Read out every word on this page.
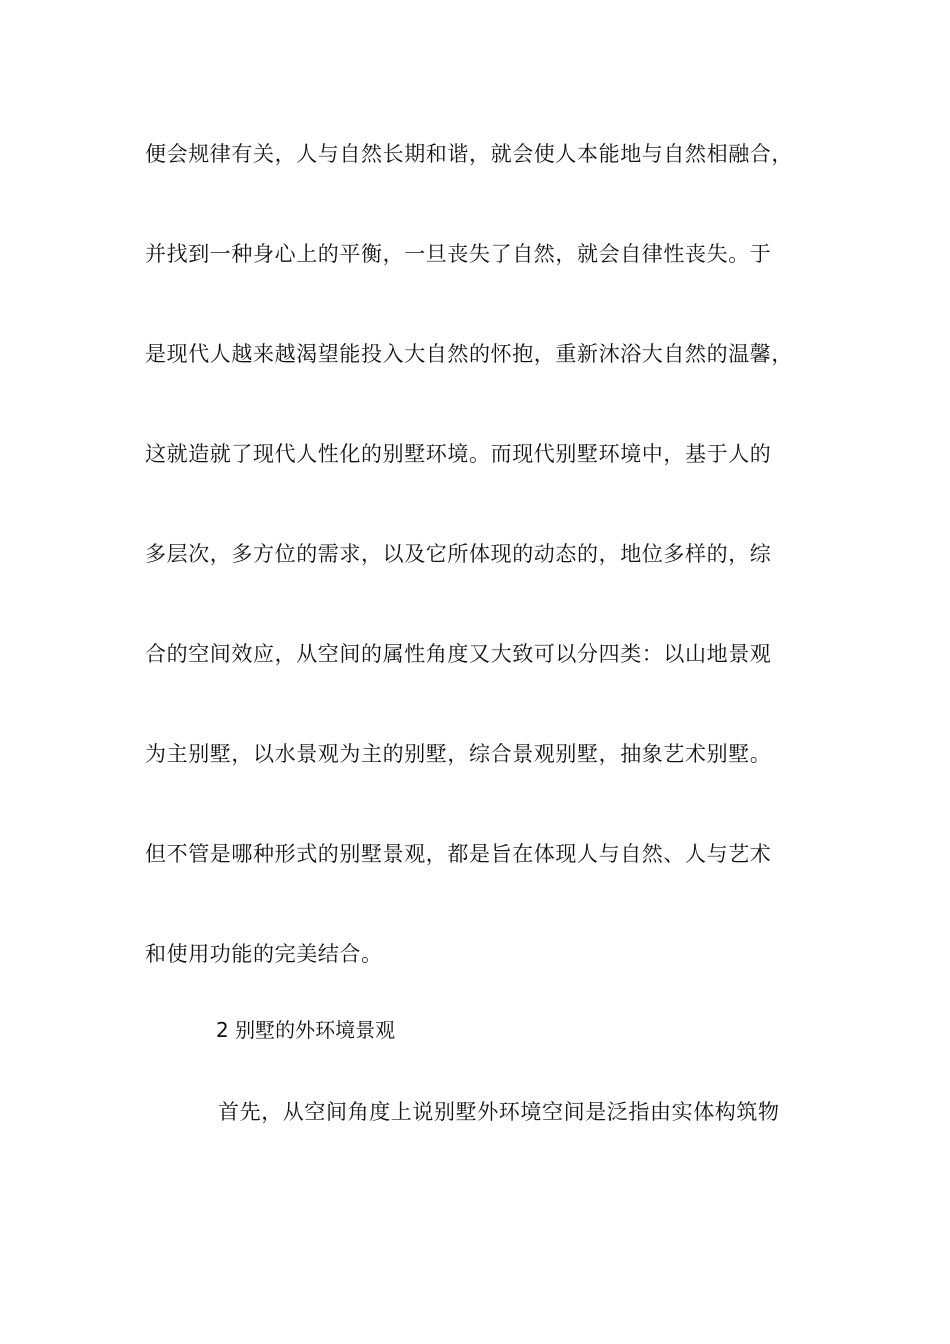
便会规律有关，人与自然长期和谐，就会使人本能地与自然相融合，
并找到一种身心上的平衡，一旦丧失了自然，就会自律性丧失。于
是现代人越来越渴望能投入大自然的怀抱，重新沐浴大自然的温馨，
这就造就了现代人性化的别墅环境。而现代别墅环境中，基于人的
多层次，多方位的需求，以及它所体现的动态的，地位多样的，综
合的空间效应，从空间的属性角度又大致可以分四类：以山地景观
为主别墅，以水景观为主的别墅，综合景观别墅，抽象艺术别墅。
但不管是哪种形式的别墅景观，都是旨在体现人与自然、人与艺术
和使用功能的完美结合。
2 别墅的外环境景观
首先，从空间角度上说别墅外环境空间是泛指由实体构筑物
